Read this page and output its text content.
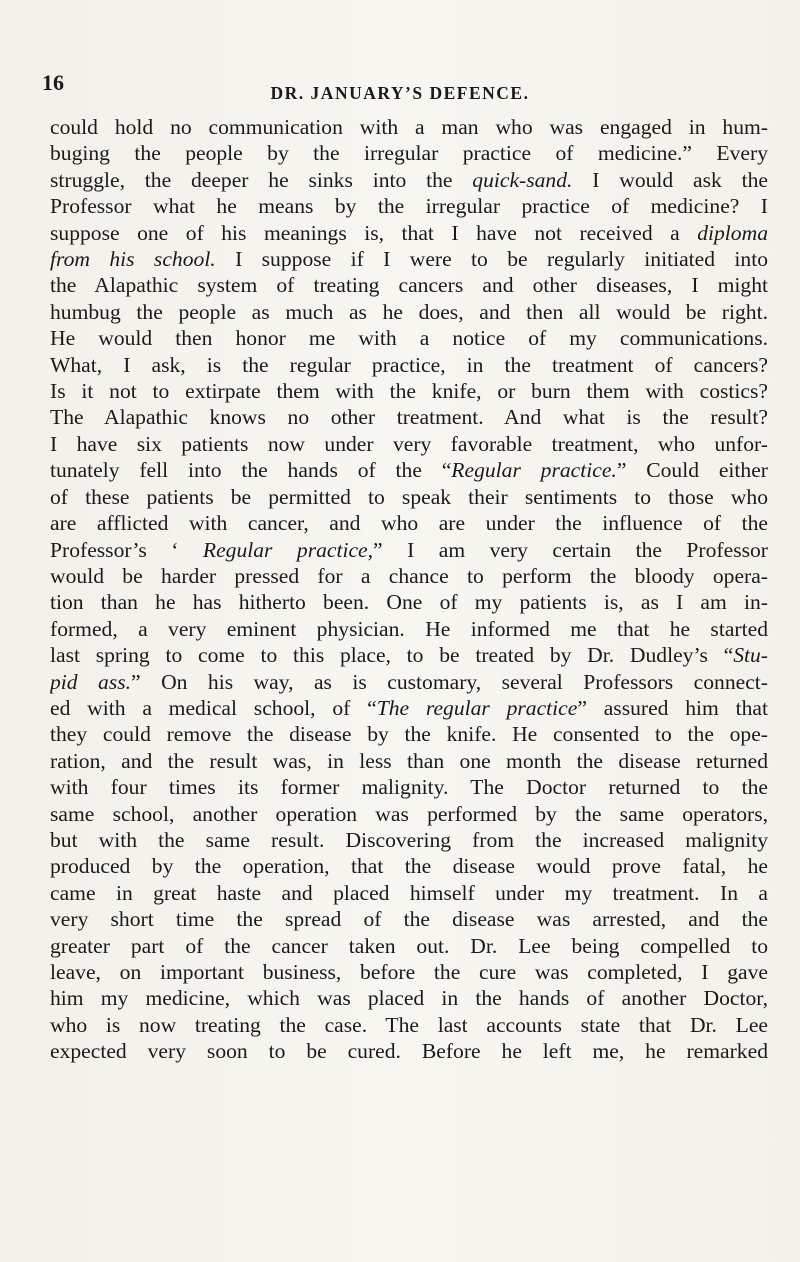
16	DR. JANUARY’S DEFENCE.
could hold no communication with a man who was engaged in hum-
buging the people by the irregular practice of medicine.” Every
struggle, the deeper he sinks into the quick-sand. I would ask the
Professor what he means by the irregular practice of medicine? I
suppose one of his meanings is, that I have not received a diploma
from his school. I suppose if I were to be regularly initiated into
the Alapathic system of treating cancers and other diseases, I might
humbug the people as much as he does, and then all would be right.
He would then honor me with a notice of my communications.
What, I ask, is the regular practice, in the treatment of cancers?
Is it not to extirpate them with the knife, or burn them with costics?
The Alapathic knows no other treatment. And what is the result?
I have six patients now under very favorable treatment, who unfor-
tunately fell into the hands of the “Regular practice.” Could either
of these patients be permitted to speak their sentiments to those who
are afflicted with cancer, and who are under the influence of the
Professor’s ‘ Regular practice,” I am very certain the Professor
would be harder pressed for a chance to perform the bloody opera-
tion than he has hitherto been. One of my patients is, as I am in-
formed, a very eminent physician. He informed me that he started
last spring to come to this place, to be treated by Dr. Dudley’s “Stu-
pid ass.” On his way, as is customary, several Professors connect-
ed with a medical school, of “The regular practice” assured him that
they could remove the disease by the knife. He consented to the ope-
ration, and the result was, in less than one month the disease returned
with four times its former malignity. The Doctor returned to the
same school, another operation was performed by the same operators,
but with the same result. Discovering from the increased malignity
produced by the operation, that the disease would prove fatal, he
came in great haste and placed himself under my treatment. In a
very short time the spread of the disease was arrested, and the
greater part of the cancer taken out. Dr. Lee being compelled to
leave, on important business, before the cure was completed, I gave
him my medicine, which was placed in the hands of another Doctor,
who is now treating the case. The last accounts state that Dr. Lee
expected very soon to be cured. Before he left me, he remarked
